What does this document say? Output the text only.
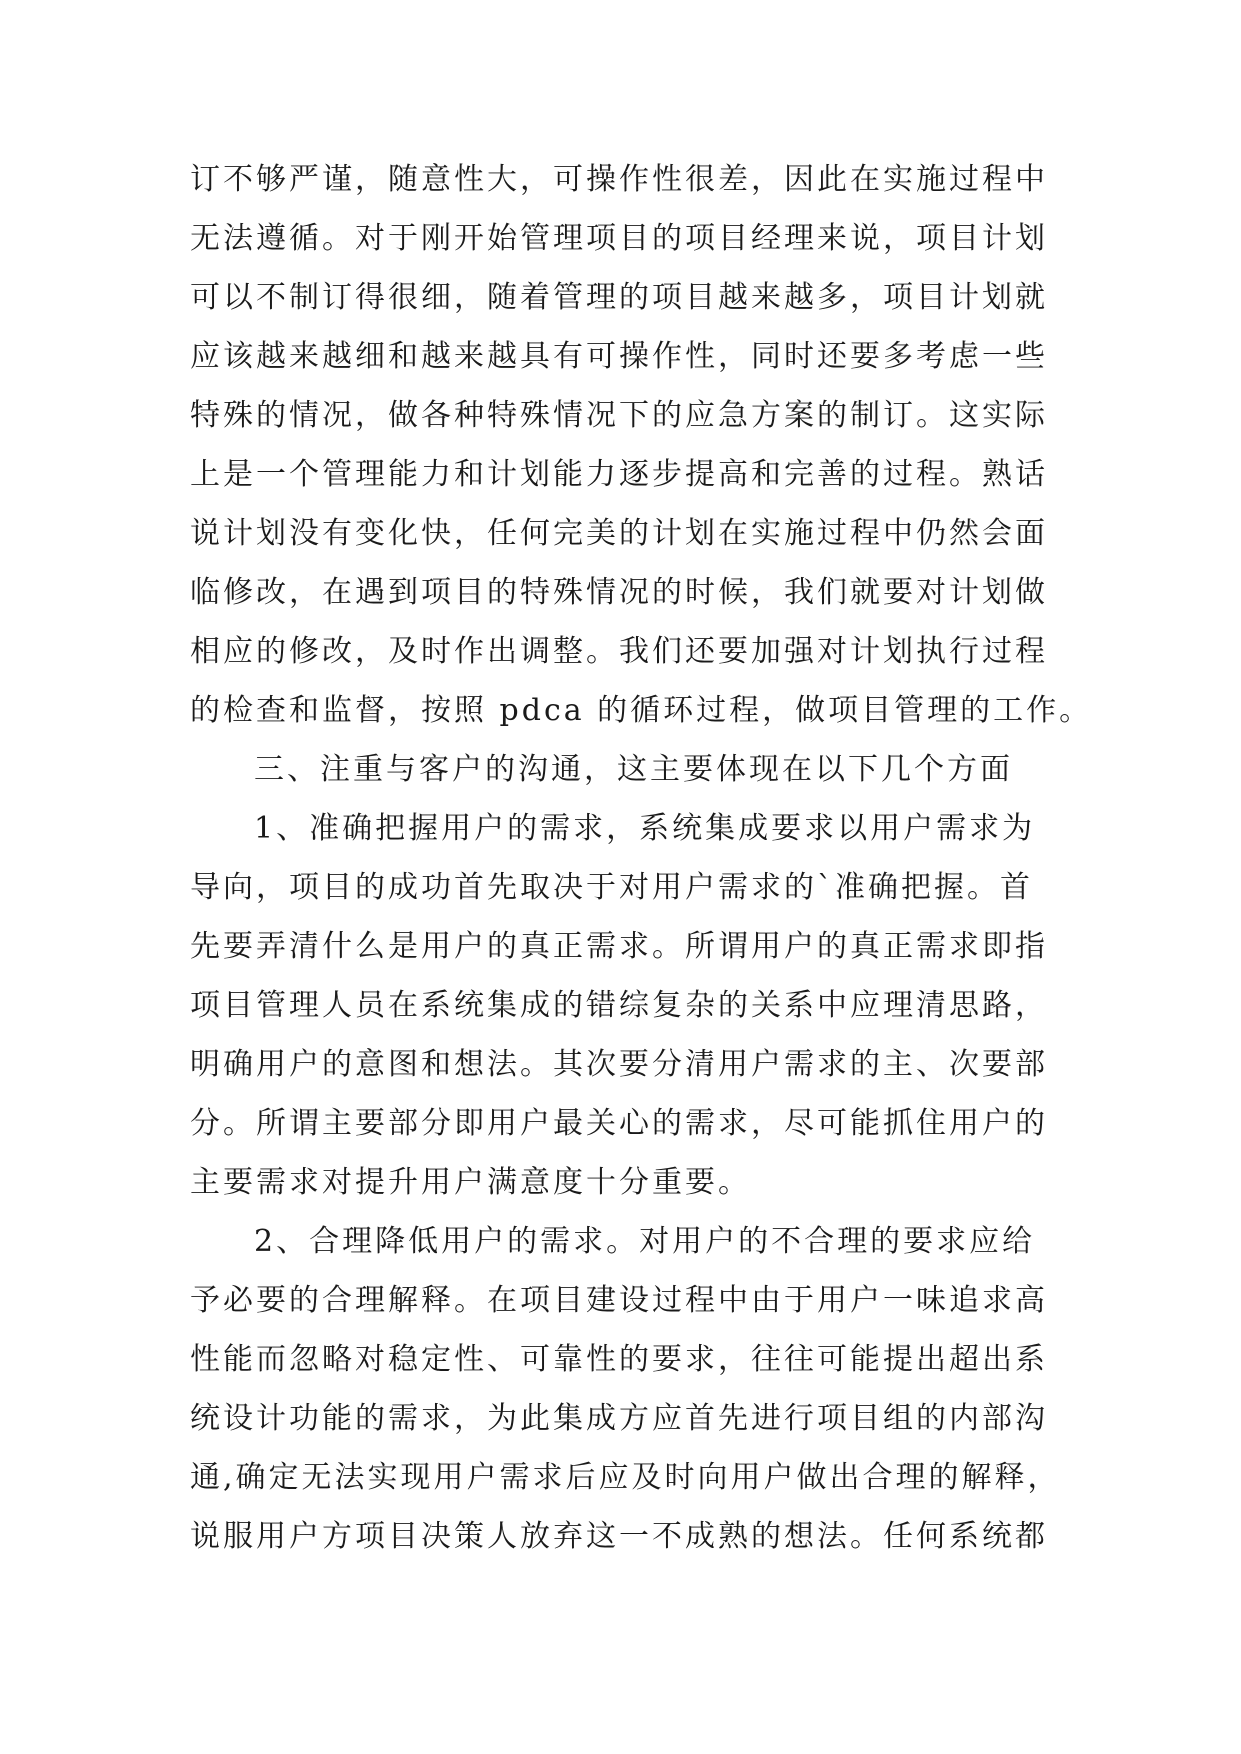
订不够严谨，随意性大，可操作性很差，因此在实施过程中
无法遵循。对于刚开始管理项目的项目经理来说，项目计划
可以不制订得很细，随着管理的项目越来越多，项目计划就
应该越来越细和越来越具有可操作性，同时还要多考虑一些
特殊的情况，做各种特殊情况下的应急方案的制订。这实际
上是一个管理能力和计划能力逐步提高和完善的过程。熟话
说计划没有变化快，任何完美的计划在实施过程中仍然会面
临修改，在遇到项目的特殊情况的时候，我们就要对计划做
相应的修改，及时作出调整。我们还要加强对计划执行过程
的检查和监督，按照 pdca 的循环过程，做项目管理的工作。
三、注重与客户的沟通，这主要体现在以下几个方面
1、准确把握用户的需求，系统集成要求以用户需求为
导向，项目的成功首先取决于对用户需求的`准确把握。首
先要弄清什么是用户的真正需求。所谓用户的真正需求即指
项目管理人员在系统集成的错综复杂的关系中应理清思路，
明确用户的意图和想法。其次要分清用户需求的主、次要部
分。所谓主要部分即用户最关心的需求，尽可能抓住用户的
主要需求对提升用户满意度十分重要。
2、合理降低用户的需求。对用户的不合理的要求应给
予必要的合理解释。在项目建设过程中由于用户一味追求高
性能而忽略对稳定性、可靠性的要求，往往可能提出超出系
统设计功能的需求，为此集成方应首先进行项目组的内部沟
通,确定无法实现用户需求后应及时向用户做出合理的解释，
说服用户方项目决策人放弃这一不成熟的想法。任何系统都
